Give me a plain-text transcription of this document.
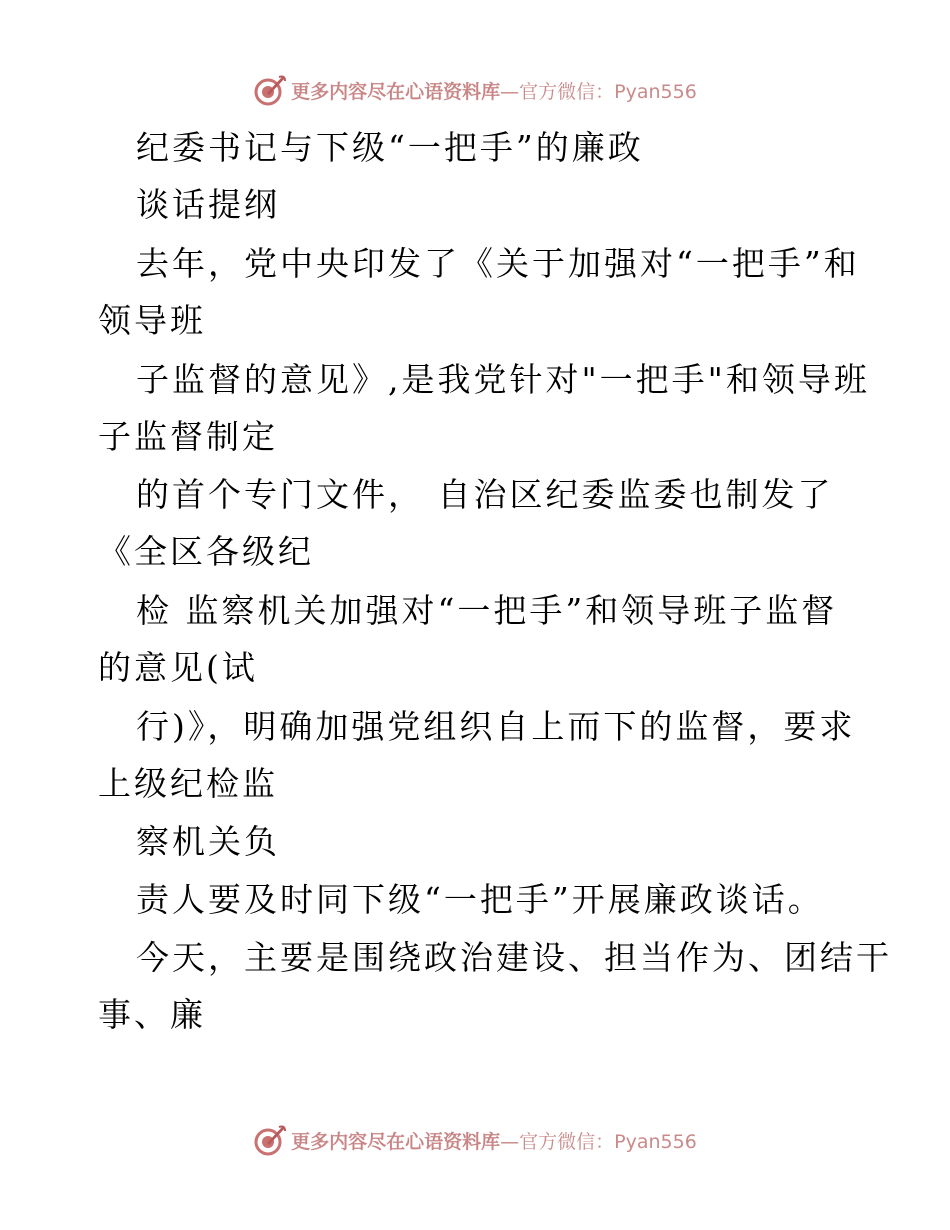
更多内容尽在心语资料库—官方微信：Pyan556
纪委书记与下级“一把手”的廉政
谈话提纲
去年，党中央印发了《关于加强对“一把手”和
领导班
子监督的意见》,是我党针对"一把手"和领导班
子监督制定
的首个专门文件， 自治区纪委监委也制发了
《全区各级纪
检 监察机关加强对“一把手”和领导班子监督
的意见(试
行)》，明确加强党组织自上而下的监督，要求
上级纪检监
察机关负
责人要及时同下级“一把手”开展廉政谈话。
今天，主要是围绕政治建设、担当作为、团结干
事、廉
更多内容尽在心语资料库—官方微信：Pyan556
